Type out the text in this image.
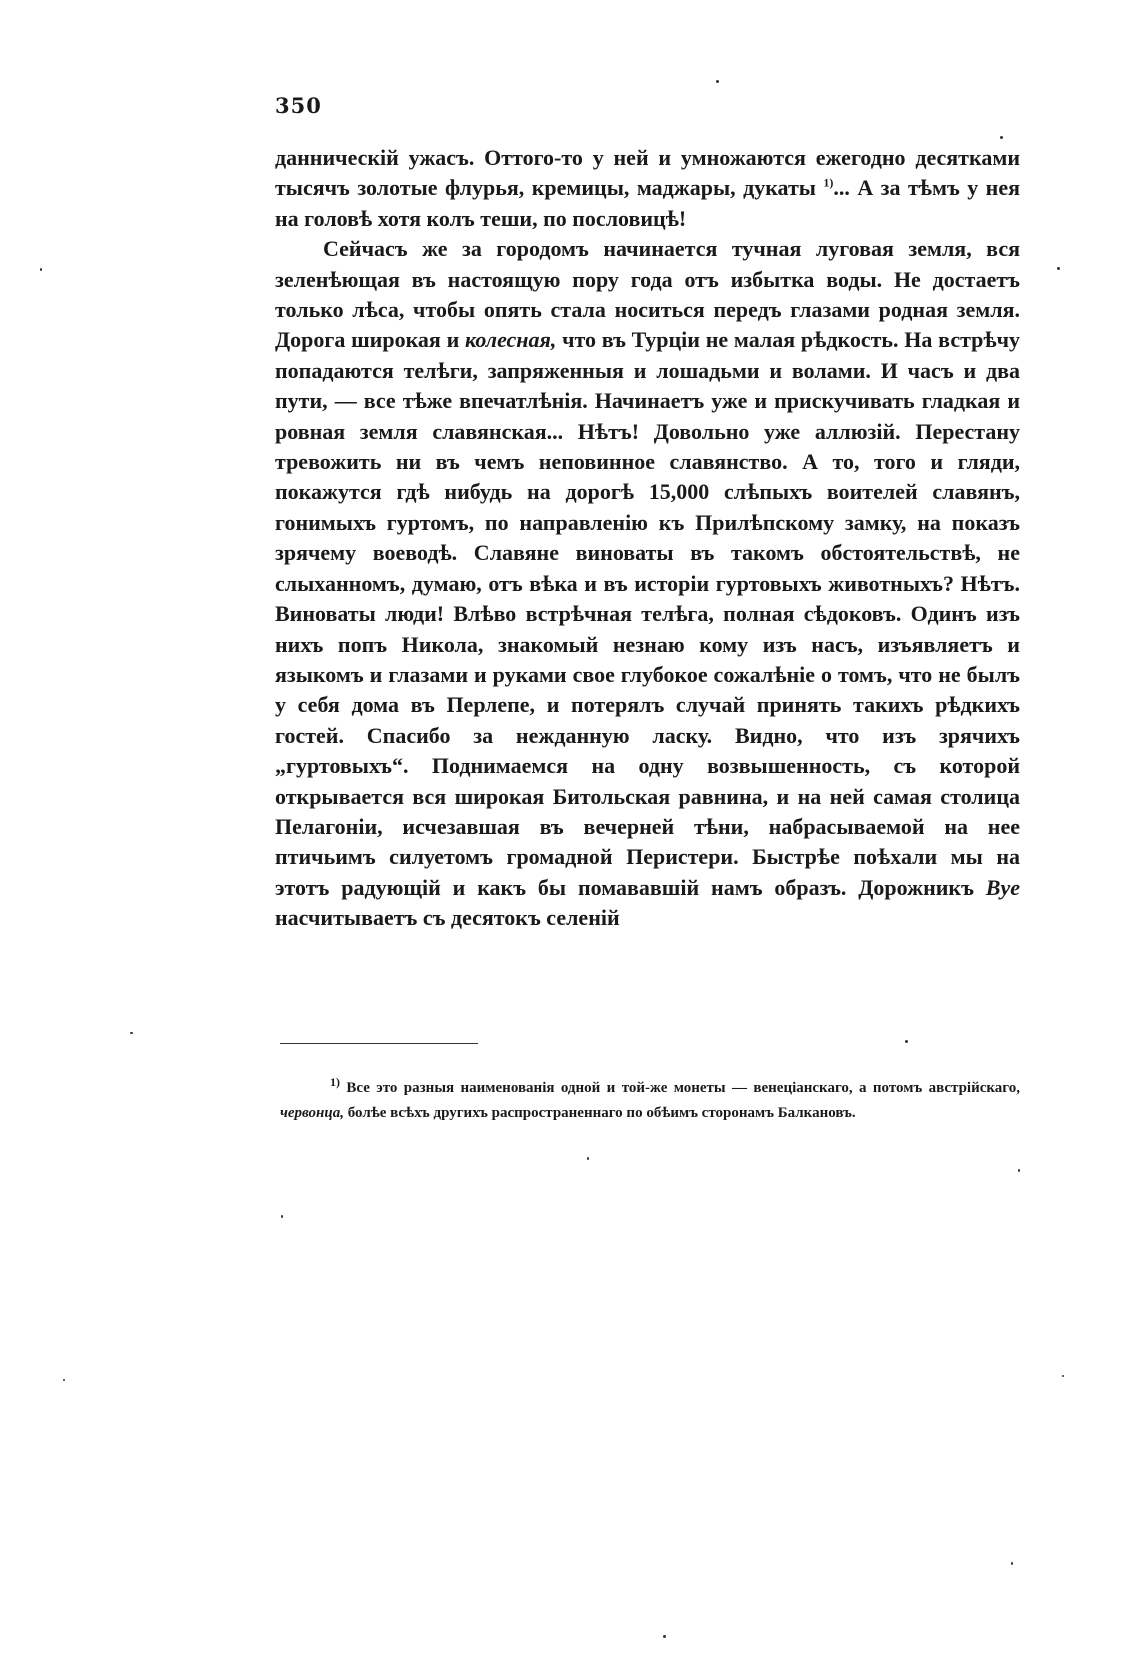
350

данническій ужасъ. Оттого-то у ней и умножаются ежегодно десятками тысячъ золотые флурья, кремицы, маджары, дукаты $^{1)}$... А за тѣмъ у нея на головѣ хотя колъ теши, по пословицѣ!

Сейчасъ же за городомъ начинается тучная луговая земля, вся зеленѣющая въ настоящую пору года отъ избытка воды. Не достаетъ только лѣса, чтобы опять стала носиться передъ глазами родная земля. Дорога широкая и колесная, что въ Турціи не малая рѣдкость. На встрѣчу попадаются телѣги, запряженныя и лошадьми и волами. И часъ и два пути, — все тѣже впечатлѣнія. Начинаетъ уже и прискучивать гладкая и ровная земля славянская... Нѣтъ! Довольно уже аллюзій. Перестану тревожить ни въ чемъ неповинное славянство. А то, того и гляди, покажутся гдѣ нибудь на дорогѣ 15,000 слѣпыхъ воителей славянъ, гонимыхъ гуртомъ, по направленію къ Прилѣпскому замку, на показъ зрячему воеводѣ. Славяне виноваты въ такомъ обстоятельствѣ, не слыханномъ, думаю, отъ вѣка и въ исторіи гуртовыхъ животныхъ? Нѣтъ. Виноваты люди! Влѣво встрѣчная телѣга, полная сѣдоковъ. Одинъ изъ нихъ попъ Никола, знакомый незнаю кому изъ насъ, изъявляетъ и языкомъ и глазами и руками свое глубокое сожалѣніе о томъ, что не былъ у себя дома въ Перлепе, и потерялъ случай принять такихъ рѣдкихъ гостей. Спасибо за нежданную ласку. Видно, что изъ зрячихъ „гуртовыхъ“. Поднимаемся на одну возвышенность, съ которой открывается вся широкая Битольская равнина, и на ней самая столица Пелагоніи, исчезавшая въ вечерней тѣни, набрасываемой на нее птичьимъ силуетомъ громадной Перистери. Быстрѣе поѣхали мы на этотъ радующій и какъ бы помававшій намъ образъ. Дорожникъ Вуе насчитываетъ съ десятокъ селеній

$^{1)}$ Все это разныя наименованія одной и той-же монеты — венеціанскаго, а потомъ австрійскаго, червонца, болѣе всѣхъ другихъ распространеннаго по обѣимъ сторонамъ Балкановъ.
